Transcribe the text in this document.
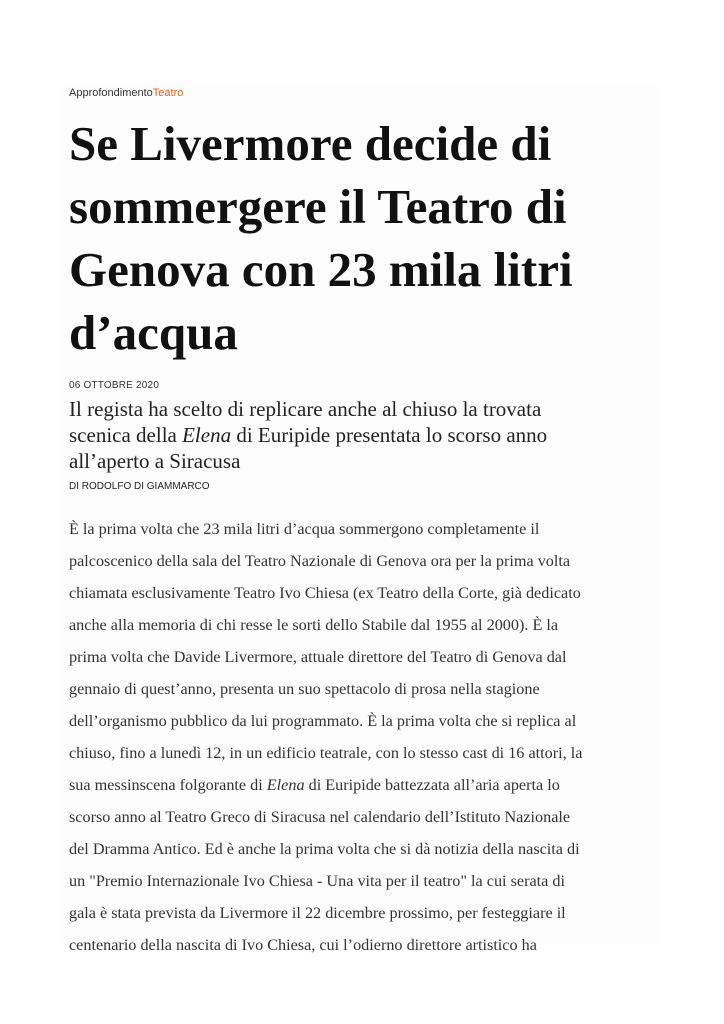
ApprofondimentoTeatro
Se Livermore decide di
sommergere il Teatro di
Genova con 23 mila litri
d’acqua
06 OTTOBRE 2020

Il regista ha scelto di replicare anche al chiuso la trovata
scenica della Elena di Euripide presentata lo scorso anno
all’aperto a Siracusa

DI RODOLFO DI GIAMMARCO

È la prima volta che 23 mila litri d’acqua sommergono completamente il
palcoscenico della sala del Teatro Nazionale di Genova ora per la prima volta
chiamata esclusivamente Teatro Ivo Chiesa (ex Teatro della Corte, già dedicato
anche alla memoria di chi resse le sorti dello Stabile dal 1955 al 2000). È la
prima volta che Davide Livermore, attuale direttore del Teatro di Genova dal
gennaio di quest’anno, presenta un suo spettacolo di prosa nella stagione
dell’organismo pubblico da lui programmato. È la prima volta che si replica al
chiuso, fino a lunedì 12, in un edificio teatrale, con lo stesso cast di 16 attori, la
sua messinscena folgorante di Elena di Euripide battezzata all’aria aperta lo
scorso anno al Teatro Greco di Siracusa nel calendario dell’Istituto Nazionale
del Dramma Antico. Ed è anche la prima volta che si dà notizia della nascita di
un "Premio Internazionale Ivo Chiesa - Una vita per il teatro" la cui serata di
gala è stata prevista da Livermore il 22 dicembre prossimo, per festeggiare il
centenario della nascita di Ivo Chiesa, cui l’odierno direttore artistico ha
